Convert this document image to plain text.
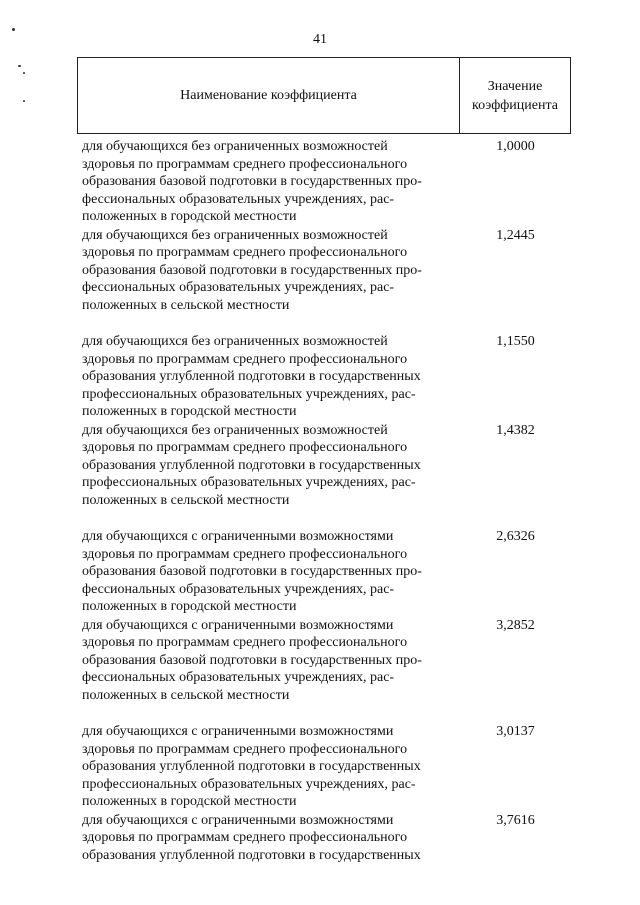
41
Наименование коэффициента
Значение
коэффициента
для обучающихся без ограниченных возможностей
здоровья по программам среднего профессионального
образования базовой подготовки в государственных про-
фессиональных образовательных учреждениях, рас-
положенных в городской местности
1,0000
для обучающихся без ограниченных возможностей
здоровья по программам среднего профессионального
образования базовой подготовки в государственных про-
фессиональных образовательных учреждениях, рас-
положенных в сельской местности
1,2445
для обучающихся без ограниченных возможностей
здоровья по программам среднего профессионального
образования углубленной подготовки в государственных
профессиональных образовательных учреждениях, рас-
положенных в городской местности
1,1550
для обучающихся без ограниченных возможностей
здоровья по программам среднего профессионального
образования углубленной подготовки в государственных
профессиональных образовательных учреждениях, рас-
положенных в сельской местности
1,4382
для обучающихся с ограниченными возможностями
здоровья по программам среднего профессионального
образования базовой подготовки в государственных про-
фессиональных образовательных учреждениях, рас-
положенных в городской местности
2,6326
для обучающихся с ограниченными возможностями
здоровья по программам среднего профессионального
образования базовой подготовки в государственных про-
фессиональных образовательных учреждениях, рас-
положенных в сельской местности
3,2852
для обучающихся с ограниченными возможностями
здоровья по программам среднего профессионального
образования углубленной подготовки в государственных
профессиональных образовательных учреждениях, рас-
положенных в городской местности
3,0137
для обучающихся с ограниченными возможностями
здоровья по программам среднего профессионального
образования углубленной подготовки в государственных
3,7616
